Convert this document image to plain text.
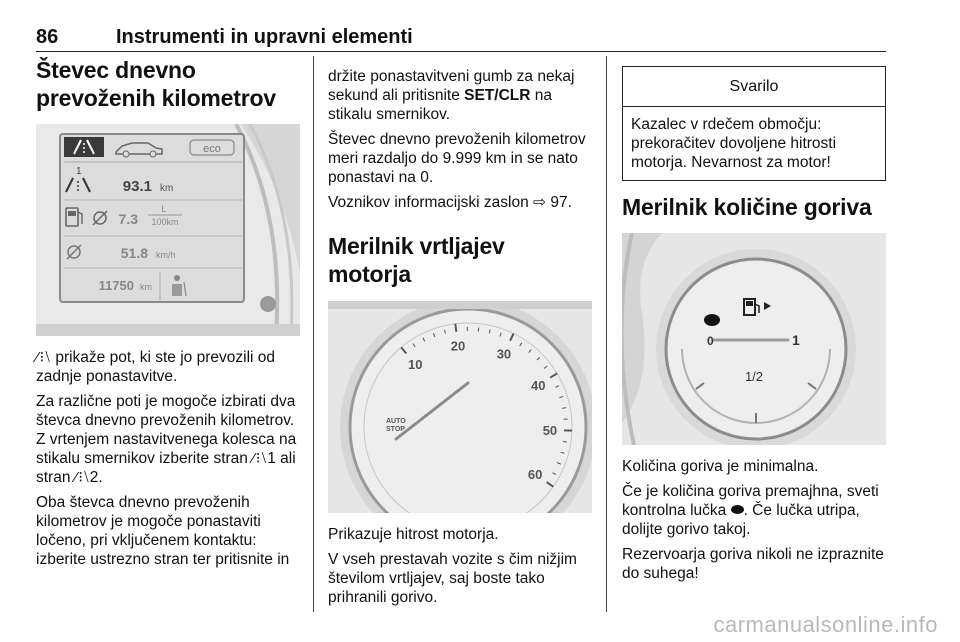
86	Instrumenti in upravni elementi
Števec dnevno prevoženih kilometrov
eco
1
93.1 km
7.3
L
100km
51.8 km/h
11750 km

⁄⁝⧵ prikaže pot, ki ste jo prevozili od zadnje ponastavitve.

Za različne poti je mogoče izbirati dva števca dnevno prevoženih kilometrov. Z vrtenjem nastavitvenega kolesca na stikalu smernikov izberite stran ⁄⁝⧵1 ali stran ⁄⁝⧵2.

Oba števca dnevno prevoženih kilometrov je mogoče ponastaviti ločeno, pri vključenem kontaktu: izberite ustrezno stran ter pritisnite in

držite ponastavitveni gumb za nekaj sekund ali pritisnite SET/CLR na stikalu smernikov.

Števec dnevno prevoženih kilometrov meri razdaljo do 9.999 km in se nato ponastavi na 0.

Voznikov informacijski zaslon ⇨ 97.

Merilnik vrtljajev motorja
10
20
30
40
50
60
AUTO
STOP

Prikazuje hitrost motorja.

V vseh prestavah vozite s čim nižjim številom vrtljajev, saj boste tako prihranili gorivo.

Svarilo
Kazalec v rdečem območju: prekoračitev dovoljene hitrosti motorja. Nevarnost za motor!
Merilnik količine goriva
0	1
1/2

Količina goriva je minimalna.

Če je količina goriva premajhna, sveti kontrolna lučka . Če lučka utripa, dolijte gorivo takoj.

Rezervoarja goriva nikoli ne izpraznite do suhega!

carmanualsonline.info
